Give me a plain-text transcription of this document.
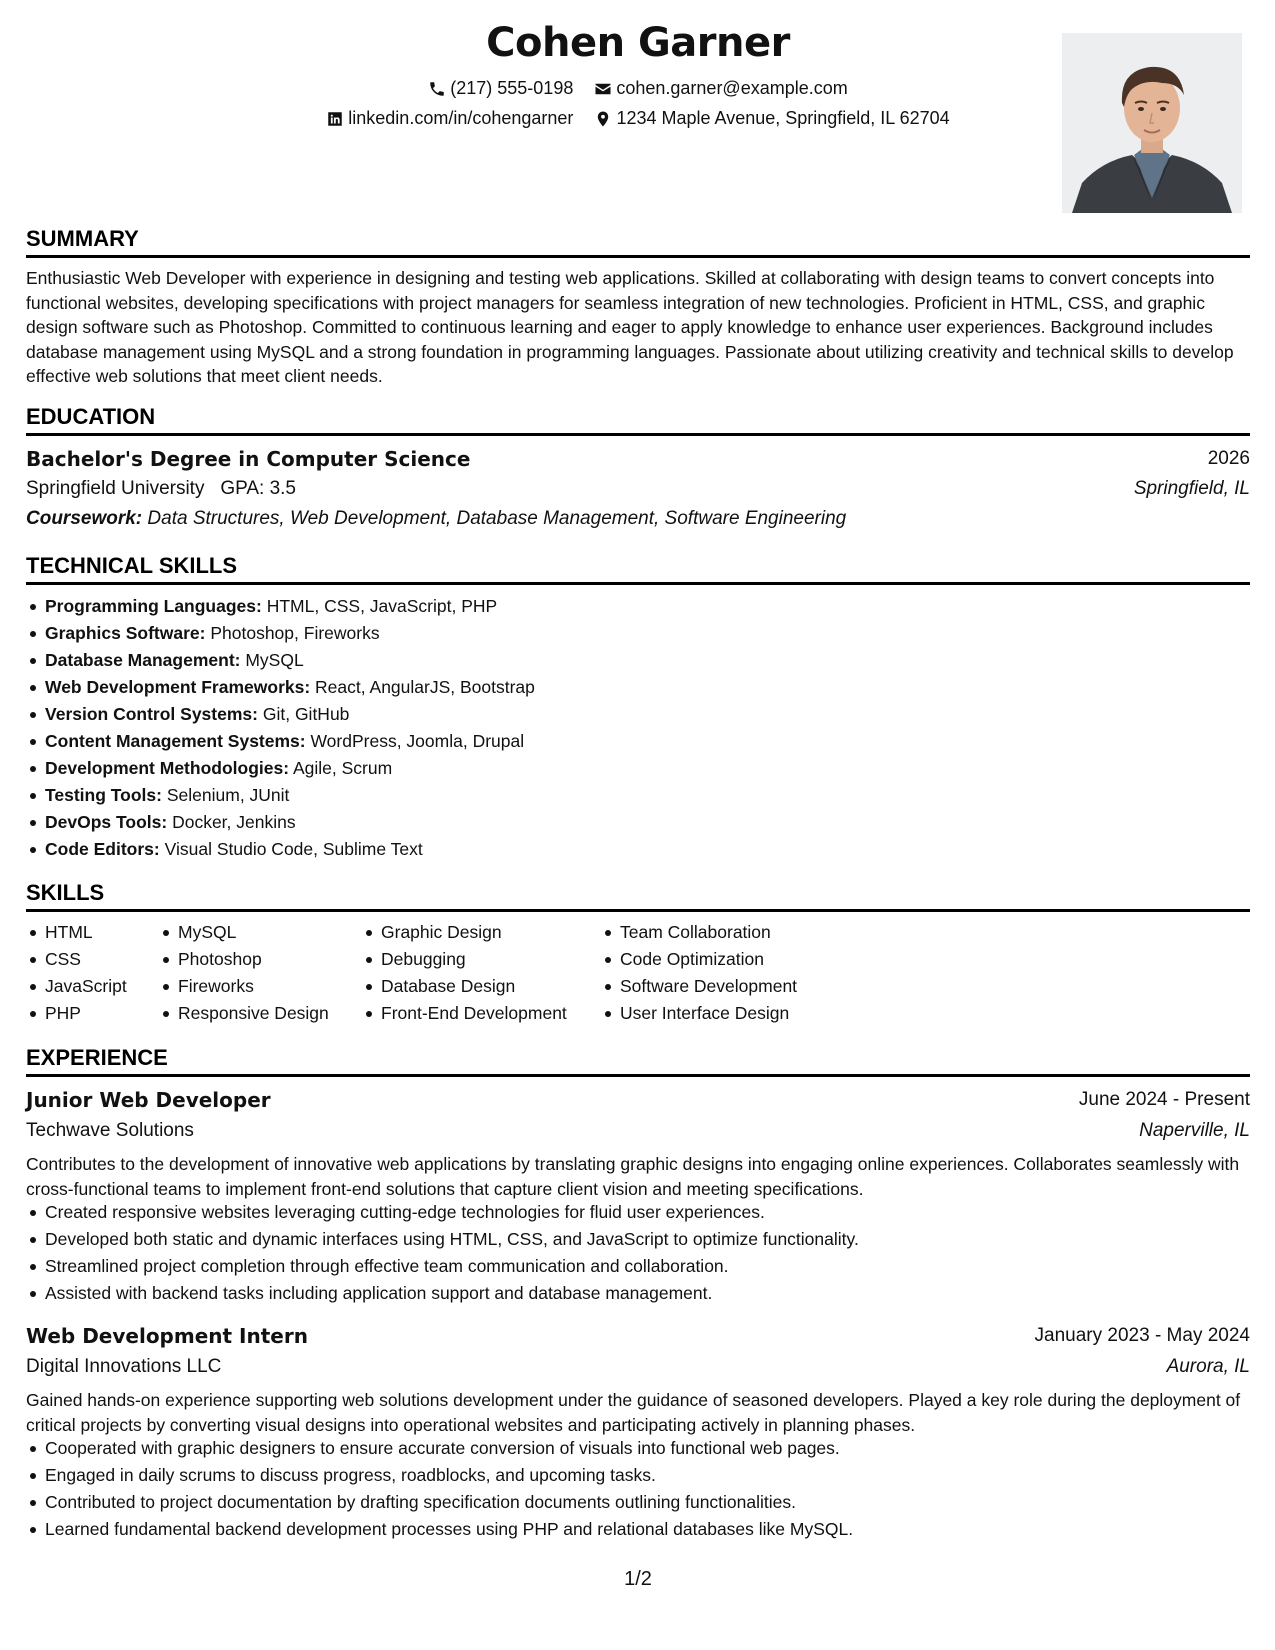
Cohen Garner
(217) 555-0198
cohen.garner@example.com
linkedin.com/in/cohengarner
1234 Maple Avenue, Springfield, IL 62704
SUMMARY

Enthusiastic Web Developer with experience in designing and testing web applications. Skilled at collaborating with design teams to convert concepts into functional websites, developing specifications with project managers for seamless integration of new technologies. Proficient in HTML, CSS, and graphic design software such as Photoshop. Committed to continuous learning and eager to apply knowledge to enhance user experiences. Background includes database management using MySQL and a strong foundation in programming languages. Passionate about utilizing creativity and technical skills to develop effective web solutions that meet client needs.

EDUCATION
Bachelor's Degree in Computer Science	2026
Springfield University GPA: 3.5	Springfield, IL
Coursework: Data Structures, Web Development, Database Management, Software Engineering
TECHNICAL SKILLS
Programming Languages: HTML, CSS, JavaScript, PHP
Graphics Software: Photoshop, Fireworks
Database Management: MySQL
Web Development Frameworks: React, AngularJS, Bootstrap
Version Control Systems: Git, GitHub
Content Management Systems: WordPress, Joomla, Drupal
Development Methodologies: Agile, Scrum
Testing Tools: Selenium, JUnit
DevOps Tools: Docker, Jenkins
Code Editors: Visual Studio Code, Sublime Text
SKILLS
HTML
CSS
JavaScript
PHP
MySQL
Photoshop
Fireworks
Responsive Design
Graphic Design
Debugging
Database Design
Front-End Development
Team Collaboration
Code Optimization
Software Development
User Interface Design
EXPERIENCE
Junior Web Developer	June 2024 - Present
Techwave Solutions	Naperville, IL

Contributes to the development of innovative web applications by translating graphic designs into engaging online experiences. Collaborates seamlessly with cross-functional teams to implement front-end solutions that capture client vision and meeting specifications.

Created responsive websites leveraging cutting-edge technologies for fluid user experiences.
Developed both static and dynamic interfaces using HTML, CSS, and JavaScript to optimize functionality.
Streamlined project completion through effective team communication and collaboration.
Assisted with backend tasks including application support and database management.
Web Development Intern	January 2023 - May 2024
Digital Innovations LLC	Aurora, IL

Gained hands-on experience supporting web solutions development under the guidance of seasoned developers. Played a key role during the deployment of critical projects by converting visual designs into operational websites and participating actively in planning phases.

Cooperated with graphic designers to ensure accurate conversion of visuals into functional web pages.
Engaged in daily scrums to discuss progress, roadblocks, and upcoming tasks.
Contributed to project documentation by drafting specification documents outlining functionalities.
Learned fundamental backend development processes using PHP and relational databases like MySQL.
1/2
